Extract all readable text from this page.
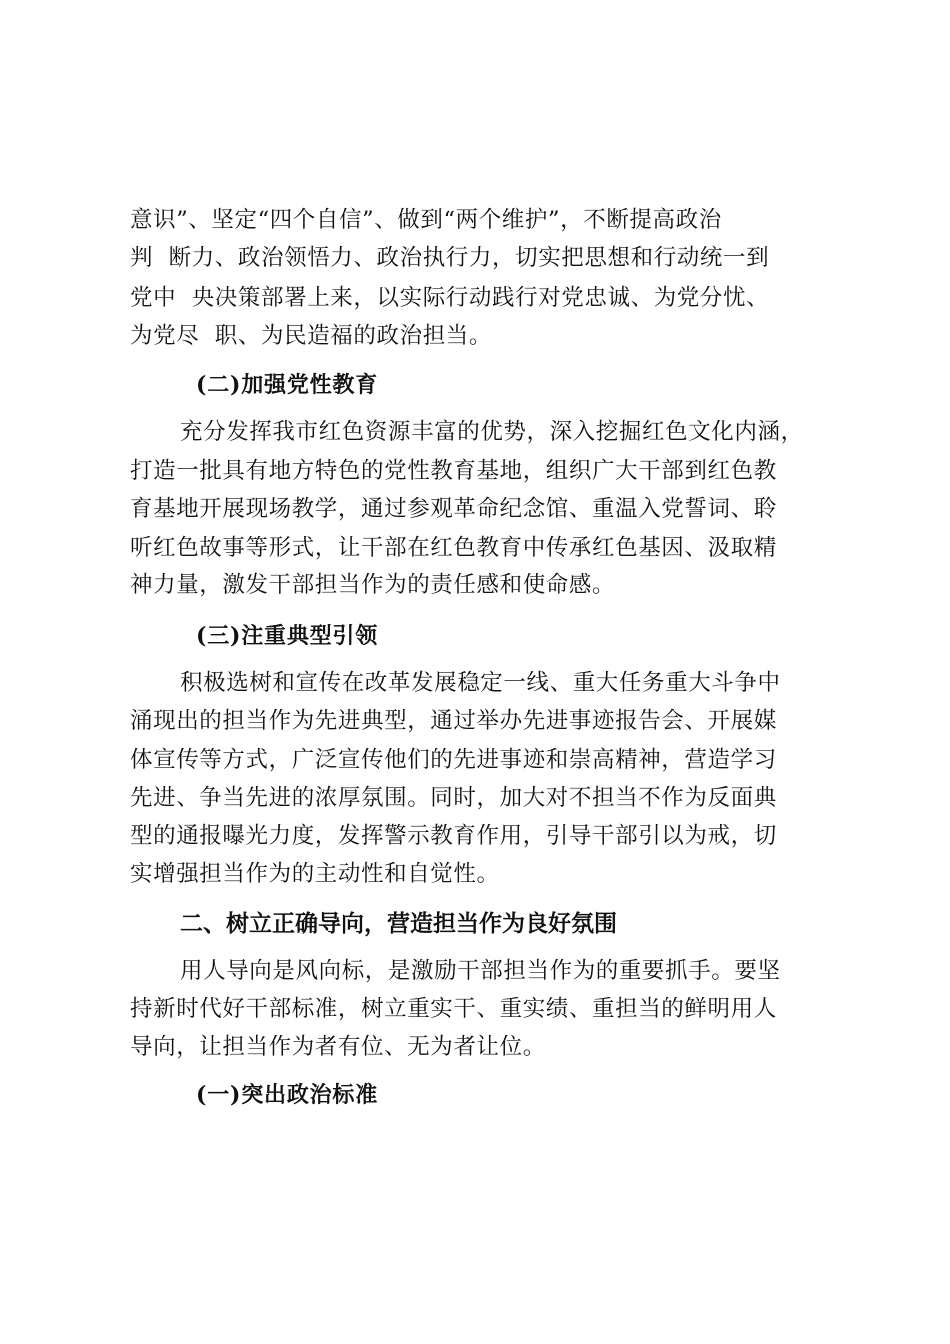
意识”、坚定“四个自信”、做到“两个维护”，不断提高政治
判  断力、政治领悟力、政治执行力，切实把思想和行动统一到
党中  央决策部署上来，以实际行动践行对党忠诚、为党分忧、
为党尽  职、为民造福的政治担当。
(二)加强党性教育
充分发挥我市红色资源丰富的优势，深入挖掘红色文化内涵，
打造一批具有地方特色的党性教育基地，组织广大干部到红色教
育基地开展现场教学，通过参观革命纪念馆、重温入党誓词、聆
听红色故事等形式，让干部在红色教育中传承红色基因、汲取精
神力量，激发干部担当作为的责任感和使命感。
(三)注重典型引领
积极选树和宣传在改革发展稳定一线、重大任务重大斗争中
涌现出的担当作为先进典型，通过举办先进事迹报告会、开展媒
体宣传等方式，广泛宣传他们的先进事迹和崇高精神，营造学习
先进、争当先进的浓厚氛围。同时，加大对不担当不作为反面典
型的通报曝光力度，发挥警示教育作用，引导干部引以为戒，切
实增强担当作为的主动性和自觉性。
二、树立正确导向，营造担当作为良好氛围
用人导向是风向标，是激励干部担当作为的重要抓手。要坚
持新时代好干部标准，树立重实干、重实绩、重担当的鲜明用人
导向，让担当作为者有位、无为者让位。
(一)突出政治标准
